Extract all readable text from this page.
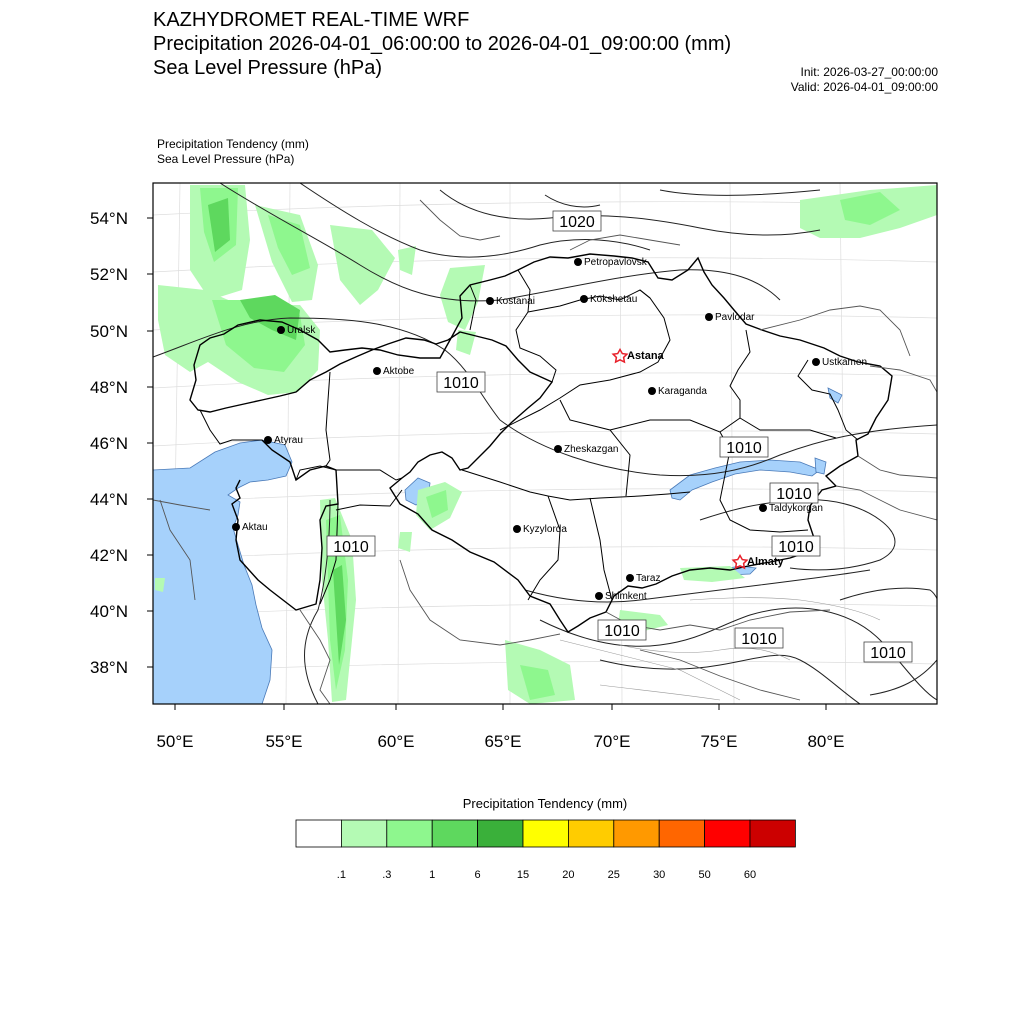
KAZHYDROMET REAL-TIME WRF
Precipitation 2026-04-01_06:00:00 to 2026-04-01_09:00:00 (mm)
Sea Level Pressure (hPa)	Init: 2026-03-27_00:00:00
Valid: 2026-04-01_09:00:00
Precipitation Tendency (mm)
Sea Level Pressure (hPa)
54°N
52°N
50°N
48°N
46°N
44°N
42°N
40°N
38°N
50°E	55°E	60°E	65°E	70°E	75°E	80°E
1020
1010
1010
1010
1010	1010
1010	1010
1010
Petropavlovsk
Kostanai	Kokshetau
Pavlodar
Uralsk
Astana
Ustkamen
Aktobe
Karaganda
Atyrau
Zheskazgan
Taldykorgan
Aktau	Kyzylorda
Almaty
Taraz
Shimkent
.1	.3	1	6	15	20	25	30	50	60
Precipitation Tendency (mm)
